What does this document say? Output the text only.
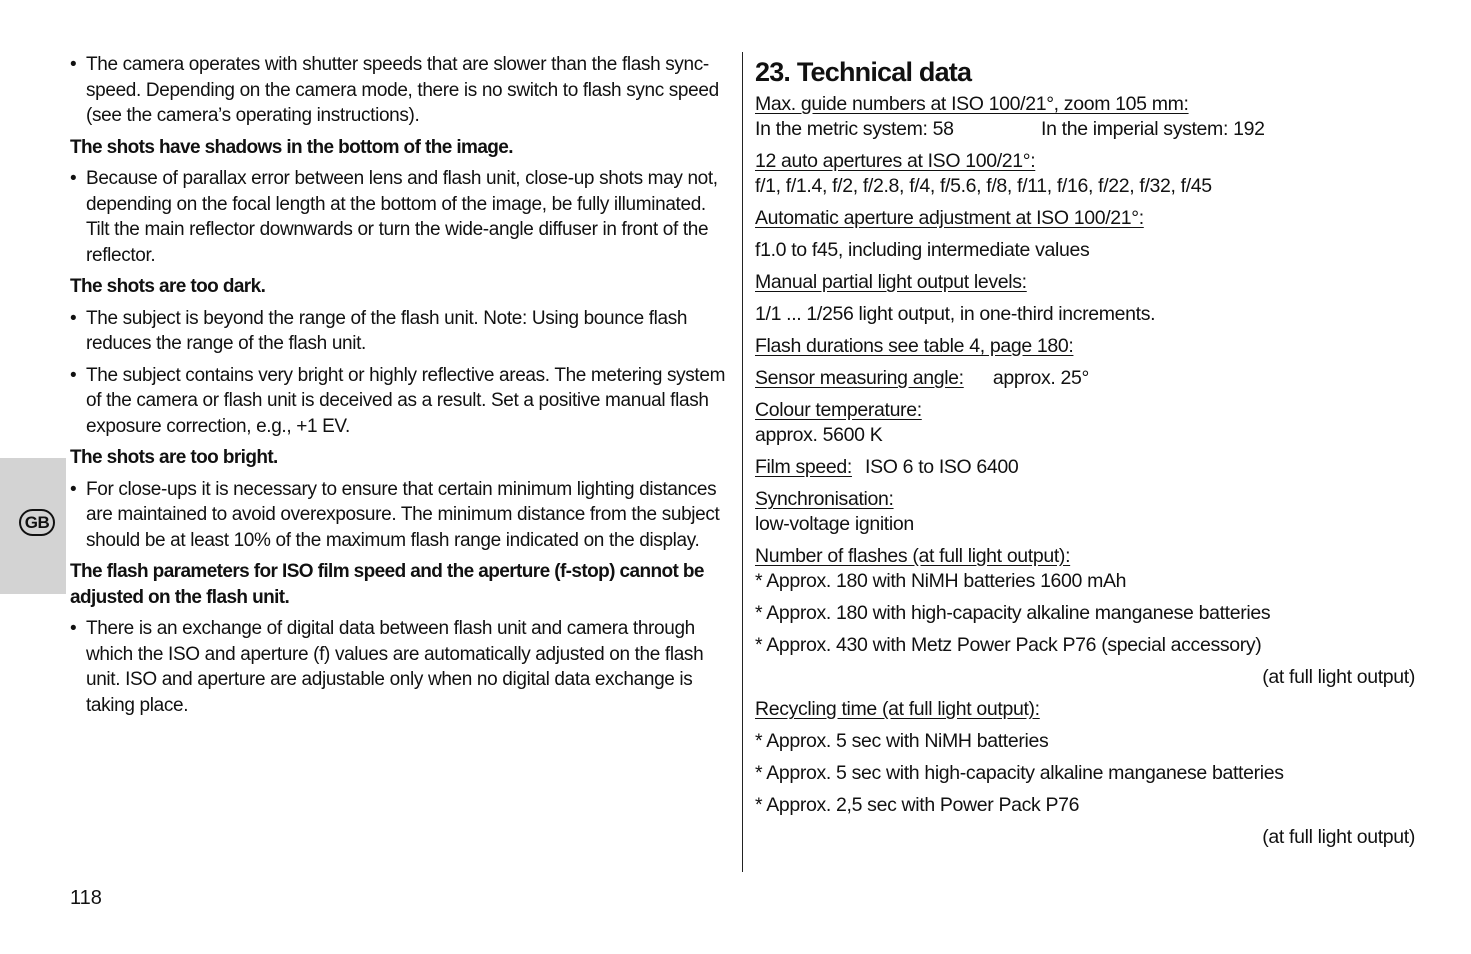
GB
• The camera operates with shutter speeds that are slower than the flash sync-speed. Depending on the camera mode, there is no switch to flash sync speed (see the camera’s operating instructions).
The shots have shadows in the bottom of the image.
• Because of parallax error between lens and flash unit, close-up shots may not, depending on the focal length at the bottom of the image, be fully illuminated. Tilt the main reflector downwards or turn the wide-angle diffuser in front of the reflector.
The shots are too dark.
• The subject is beyond the range of the flash unit. Note: Using bounce flash reduces the range of the flash unit.
• The subject contains very bright or highly reflective areas. The metering system of the camera or flash unit is deceived as a result. Set a positive manual flash exposure correction, e.g., +1 EV.
The shots are too bright.
• For close-ups it is necessary to ensure that certain minimum lighting distances are maintained to avoid overexposure. The minimum distance from the subject should be at least 10% of the maximum flash range indicated on the display.
The flash parameters for ISO film speed and the aperture (f-stop) cannot be adjusted on the flash unit.
• There is an exchange of digital data between flash unit and camera through which the ISO and aperture (f) values are automatically adjusted on the flash unit. ISO and aperture are adjustable only when no digital data exchange is taking place.
23. Technical data
Max. guide numbers at ISO 100/21°, zoom 105 mm:
In the metric system: 58	In the imperial system: 192
12 auto apertures at ISO 100/21°:
f/1, f/1.4, f/2, f/2.8, f/4, f/5.6, f/8, f/11, f/16, f/22, f/32, f/45
Automatic aperture adjustment at ISO 100/21°:
f1.0 to f45, including intermediate values
Manual partial light output levels:
1/1 ... 1/256 light output, in one-third increments.
Flash durations see table 4, page 180:
Sensor measuring angle: approx. 25°
Colour temperature:
approx. 5600 K
Film speed: ISO 6 to ISO 6400
Synchronisation:
low-voltage ignition
Number of flashes (at full light output):
* Approx. 180 with NiMH batteries 1600 mAh
* Approx. 180 with high-capacity alkaline manganese batteries
* Approx. 430 with Metz Power Pack P76 (special accessory)
(at full light output)
Recycling time (at full light output):
* Approx. 5 sec with NiMH batteries
* Approx. 5 sec with high-capacity alkaline manganese batteries
* Approx. 2,5 sec with Power Pack P76
(at full light output)
118
